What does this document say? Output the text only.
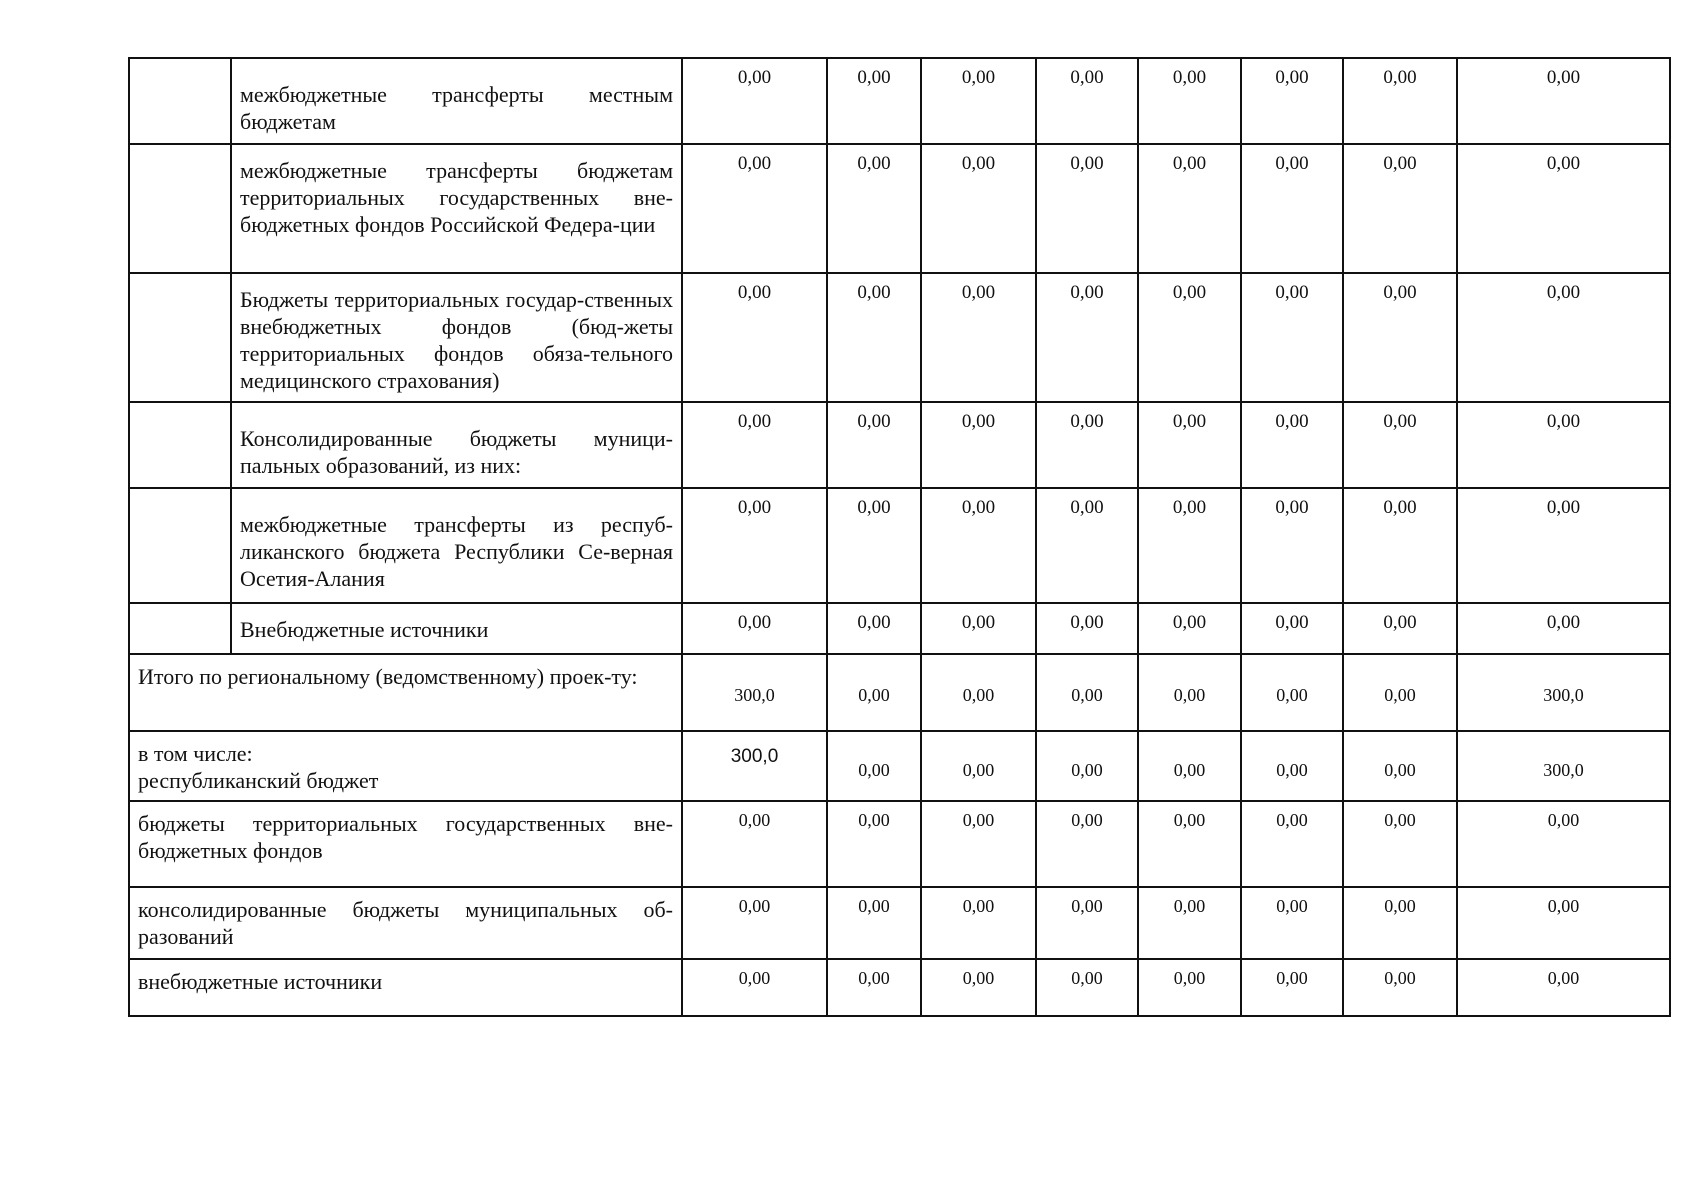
	межбюджетные трансферты местным бюджетам	0,00	0,00	0,00	0,00	0,00	0,00	0,00	0,00

	межбюджетные трансферты бюджетам территориальных государственных вне-бюджетных фондов Российской Федера-ции	0,00	0,00	0,00	0,00	0,00	0,00	0,00	0,00

	Бюджеты территориальных государ-ственных внебюджетных фондов (бюд-жеты территориальных фондов обяза-тельного медицинского страхования)	0,00	0,00	0,00	0,00	0,00	0,00	0,00	0,00

	Консолидированные бюджеты муници-пальных образований, из них:	0,00	0,00	0,00	0,00	0,00	0,00	0,00	0,00

	межбюджетные трансферты из респуб-ликанского бюджета Республики Се-верная Осетия-Алания	0,00	0,00	0,00	0,00	0,00	0,00	0,00	0,00

	Внебюджетные источники	0,00	0,00	0,00	0,00	0,00	0,00	0,00	0,00

Итого по региональному (ведомственному) проек-ту:		300,0	0,00	0,00	0,00	0,00	0,00	0,00	300,0

в том числе:
республиканский бюджет		300,0	0,00	0,00	0,00	0,00	0,00	0,00	300,0

бюджеты территориальных государственных вне-бюджетных фондов		0,00	0,00	0,00	0,00	0,00	0,00	0,00	0,00

консолидированные бюджеты муниципальных об-разований		0,00	0,00	0,00	0,00	0,00	0,00	0,00	0,00

внебюджетные источники		0,00	0,00	0,00	0,00	0,00	0,00	0,00	0,00
